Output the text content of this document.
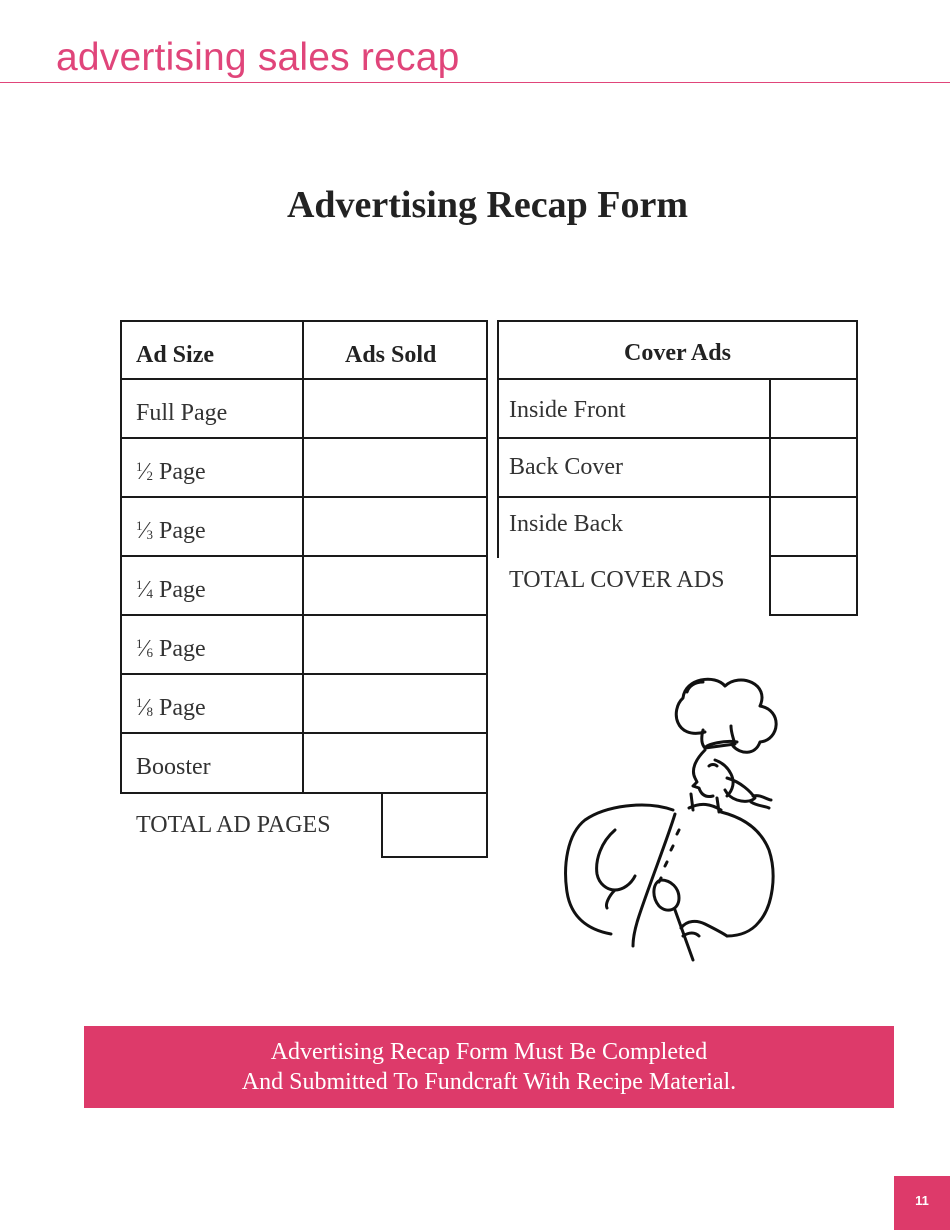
advertising sales recap
Advertising Recap Form
Ad Size	Ads Sold
Full Page
$^1⁄_2$ Page
$^1⁄_3$ Page
$^1⁄_4$ Page
$^1⁄_6$ Page
$^1⁄_8$ Page
Booster
TOTAL AD PAGES
Cover Ads
Inside Front
Back Cover
Inside Back
TOTAL COVER ADS
Advertising Recap Form Must Be Completed
And Submitted To Fundcraft With Recipe Material.
11
